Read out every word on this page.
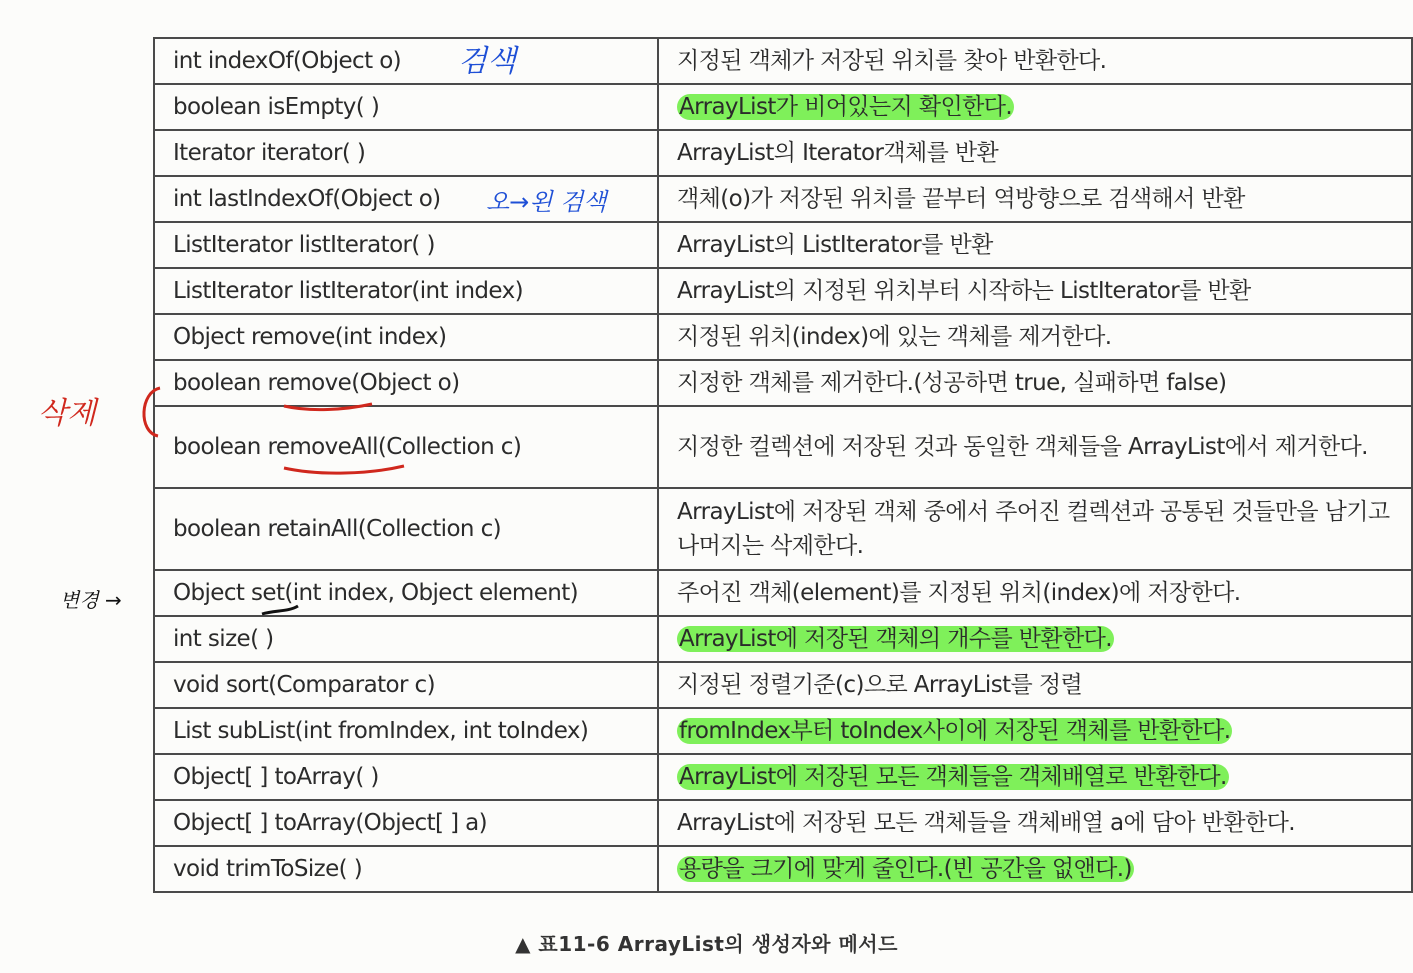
int indexOf(Object o)	지정된 객체가 저장된 위치를 찾아 반환한다.
boolean isEmpty( )	ArrayList가 비어있는지 확인한다.
Iterator iterator( )	ArrayList의 Iterator객체를 반환
int lastIndexOf(Object o)	객체(o)가 저장된 위치를 끝부터 역방향으로 검색해서 반환
ListIterator listIterator( )	ArrayList의 ListIterator를 반환
ListIterator listIterator(int index)	ArrayList의 지정된 위치부터 시작하는 ListIterator를 반환
Object remove(int index)	지정된 위치(index)에 있는 객체를 제거한다.
boolean remove(Object o)	지정한 객체를 제거한다.(성공하면 true, 실패하면 false)
boolean removeAll(Collection c)	지정한 컬렉션에 저장된 것과 동일한 객체들을 ArrayList에서 제거한다.
boolean retainAll(Collection c)	ArrayList에 저장된 객체 중에서 주어진 컬렉션과 공통된 것들만을 남기고 나머지는 삭제한다.
Object set(int index, Object element)	주어진 객체(element)를 지정된 위치(index)에 저장한다.
int size( )	ArrayList에 저장된 객체의 개수를 반환한다.
void sort(Comparator c)	지정된 정렬기준(c)으로 ArrayList를 정렬
List subList(int fromIndex, int toIndex)	fromIndex부터 toIndex사이에 저장된 객체를 반환한다.
Object[ ] toArray( )	ArrayList에 저장된 모든 객체들을 객체배열로 반환한다.
Object[ ] toArray(Object[ ] a)	ArrayList에 저장된 모든 객체들을 객체배열 a에 담아 반환한다.
void trimToSize( )	용량을 크기에 맞게 줄인다.(빈 공간을 없앤다.)
검색
오→왼 검색
삭제
변경 →
▲ 표11-6 ArrayList의 생성자와 메서드
